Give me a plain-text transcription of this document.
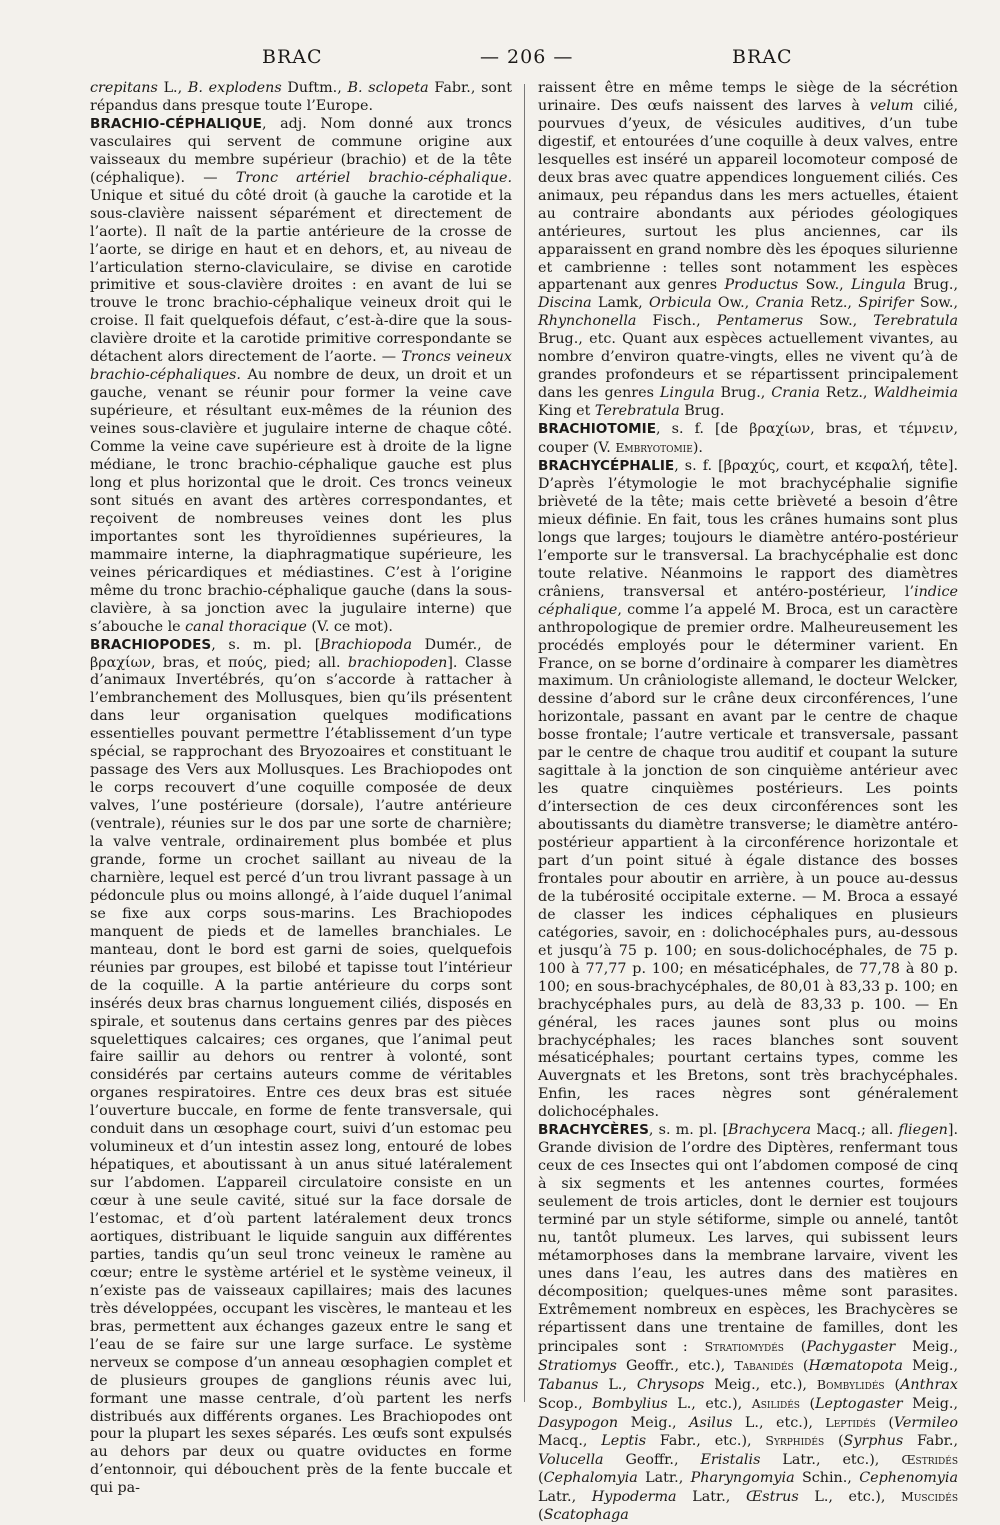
BRAC	— 206 —	BRAC

crepitans L., B. explodens Duftm., B. sclopeta Fabr., sont répandus dans presque toute l’Europe.

BRACHIO-CÉPHALIQUE, adj. Nom donné aux troncs vasculaires qui servent de commune origine aux vaisseaux du membre supérieur (brachio) et de la tête (céphalique). — Tronc artériel brachio-céphalique. Unique et situé du côté droit (à gauche la carotide et la sous-clavière naissent séparément et directement de l’aorte). Il naît de la partie antérieure de la crosse de l’aorte, se dirige en haut et en dehors, et, au niveau de l’articulation sterno-claviculaire, se divise en carotide primitive et sous-clavière droites : en avant de lui se trouve le tronc brachio-céphalique veineux droit qui le croise. Il fait quelquefois défaut, c’est-à-dire que la sous-clavière droite et la carotide primitive correspondante se détachent alors directement de l’aorte. — Troncs veineux brachio-céphaliques. Au nombre de deux, un droit et un gauche, venant se réunir pour former la veine cave supérieure, et résultant eux-mêmes de la réunion des veines sous-clavière et jugulaire interne de chaque côté. Comme la veine cave supérieure est à droite de la ligne médiane, le tronc brachio-céphalique gauche est plus long et plus horizontal que le droit. Ces troncs veineux sont situés en avant des artères correspondantes, et reçoivent de nombreuses veines dont les plus importantes sont les thyroïdiennes supérieures, la mammaire interne, la diaphragmatique supérieure, les veines péricardiques et médiastines. C’est à l’origine même du tronc brachio-céphalique gauche (dans la sous-clavière, à sa jonction avec la jugulaire interne) que s’abouche le canal thoracique (V. ce mot).

BRACHIOPODES, s. m. pl. [Brachiopoda Dumér., de βραχίων, bras, et πούς, pied; all. brachiopoden]. Classe d’animaux Invertébrés, qu’on s’accorde à rattacher à l’embranchement des Mollusques, bien qu’ils présentent dans leur organisation quelques modifications essentielles pouvant permettre l’établissement d’un type spécial, se rapprochant des Bryozoaires et constituant le passage des Vers aux Mollusques. Les Brachiopodes ont le corps recouvert d’une coquille composée de deux valves, l’une postérieure (dorsale), l’autre antérieure (ventrale), réunies sur le dos par une sorte de charnière; la valve ventrale, ordinairement plus bombée et plus grande, forme un crochet saillant au niveau de la charnière, lequel est percé d’un trou livrant passage à un pédoncule plus ou moins allongé, à l’aide duquel l’animal se fixe aux corps sous-marins. Les Brachiopodes manquent de pieds et de lamelles branchiales. Le manteau, dont le bord est garni de soies, quelquefois réunies par groupes, est bilobé et tapisse tout l’intérieur de la coquille. A la partie antérieure du corps sont insérés deux bras charnus longuement ciliés, disposés en spirale, et soutenus dans certains genres par des pièces squelettiques calcaires; ces organes, que l’animal peut faire saillir au dehors ou rentrer à volonté, sont considérés par certains auteurs comme de véritables organes respiratoires. Entre ces deux bras est située l’ouverture buccale, en forme de fente transversale, qui conduit dans un œsophage court, suivi d’un estomac peu volumineux et d’un intestin assez long, entouré de lobes hépatiques, et aboutissant à un anus situé latéralement sur l’abdomen. L’appareil circulatoire consiste en un cœur à une seule cavité, situé sur la face dorsale de l’estomac, et d’où partent latéralement deux troncs aortiques, distribuant le liquide sanguin aux différentes parties, tandis qu’un seul tronc veineux le ramène au cœur; entre le système artériel et le système veineux, il n’existe pas de vaisseaux capillaires; mais des lacunes très développées, occupant les viscères, le manteau et les bras, permettent aux échanges gazeux entre le sang et l’eau de se faire sur une large surface. Le système nerveux se compose d’un anneau œsophagien complet et de plusieurs groupes de ganglions réunis avec lui, formant une masse centrale, d’où partent les nerfs distribués aux différents organes. Les Brachiopodes ont pour la plupart les sexes séparés. Les œufs sont expulsés au dehors par deux ou quatre oviductes en forme d’entonnoir, qui débouchent près de la fente buccale et qui pa-

raissent être en même temps le siège de la sécrétion urinaire. Des œufs naissent des larves à velum cilié, pourvues d’yeux, de vésicules auditives, d’un tube digestif, et entourées d’une coquille à deux valves, entre lesquelles est inséré un appareil locomoteur composé de deux bras avec quatre appendices longuement ciliés. Ces animaux, peu répandus dans les mers actuelles, étaient au contraire abondants aux périodes géologiques antérieures, surtout les plus anciennes, car ils apparaissent en grand nombre dès les époques silurienne et cambrienne : telles sont notamment les espèces appartenant aux genres Productus Sow., Lingula Brug., Discina Lamk, Orbicula Ow., Crania Retz., Spirifer Sow., Rhynchonella Fisch., Pentamerus Sow., Terebratula Brug., etc. Quant aux espèces actuellement vivantes, au nombre d’environ quatre-vingts, elles ne vivent qu’à de grandes profondeurs et se répartissent principalement dans les genres Lingula Brug., Crania Retz., Waldheimia King et Terebratula Brug.

BRACHIOTOMIE, s. f. [de βραχίων, bras, et τέμνειν, couper (V. Embryotomie).

BRACHYCÉPHALIE, s. f. [βραχύς, court, et κεφαλή, tête]. D’après l’étymologie le mot brachycéphalie signifie brièveté de la tête; mais cette brièveté a besoin d’être mieux définie. En fait, tous les crânes humains sont plus longs que larges; toujours le diamètre antéro-postérieur l’emporte sur le transversal. La brachycéphalie est donc toute relative. Néanmoins le rapport des diamètres crâniens, transversal et antéro-postérieur, l’indice céphalique, comme l’a appelé M. Broca, est un caractère anthropologique de premier ordre. Malheureusement les procédés employés pour le déterminer varient. En France, on se borne d’ordinaire à comparer les diamètres maximum. Un crâniologiste allemand, le docteur Welcker, dessine d’abord sur le crâne deux circonférences, l’une horizontale, passant en avant par le centre de chaque bosse frontale; l’autre verticale et transversale, passant par le centre de chaque trou auditif et coupant la suture sagittale à la jonction de son cinquième antérieur avec les quatre cinquièmes postérieurs. Les points d’intersection de ces deux circonférences sont les aboutissants du diamètre transverse; le diamètre antéro-postérieur appartient à la circonférence horizontale et part d’un point situé à égale distance des bosses frontales pour aboutir en arrière, à un pouce au-dessus de la tubérosité occipitale externe. — M. Broca a essayé de classer les indices céphaliques en plusieurs catégories, savoir, en : dolichocéphales purs, au-dessous et jusqu’à 75 p. 100; en sous-dolichocéphales, de 75 p. 100 à 77,77 p. 100; en mésaticéphales, de 77,78 à 80 p. 100; en sous-brachycéphales, de 80,01 à 83,33 p. 100; en brachycéphales purs, au delà de 83,33 p. 100. — En général, les races jaunes sont plus ou moins brachycéphales; les races blanches sont souvent mésaticéphales; pourtant certains types, comme les Auvergnats et les Bretons, sont très brachycéphales. Enfin, les races nègres sont généralement dolichocéphales.

BRACHYCÈRES, s. m. pl. [Brachycera Macq.; all. fliegen]. Grande division de l’ordre des Diptères, renfermant tous ceux de ces Insectes qui ont l’abdomen composé de cinq à six segments et les antennes courtes, formées seulement de trois articles, dont le dernier est toujours terminé par un style sétiforme, simple ou annelé, tantôt nu, tantôt plumeux. Les larves, qui subissent leurs métamorphoses dans la membrane larvaire, vivent les unes dans l’eau, les autres dans des matières en décomposition; quelques-unes même sont parasites. Extrêmement nombreux en espèces, les Brachycères se répartissent dans une trentaine de familles, dont les principales sont : Stratiomydés (Pachygaster Meig., Stratiomys Geoffr., etc.), Tabanidés (Hæmatopota Meig., Tabanus L., Chrysops Meig., etc.), Bombylidés (Anthrax Scop., Bombylius L., etc.), Asilidés (Leptogaster Meig., Dasypogon Meig., Asilus L., etc.), Leptidés (Vermileo Macq., Leptis Fabr., etc.), Syrphidés (Syrphus Fabr., Volucella Geoffr., Eristalis Latr., etc.), Œstridés (Cephalomyia Latr., Pharyngomyia Schin., Cephenomyia Latr., Hypoderma Latr., Œstrus L., etc.), Muscidés (Scatophaga
